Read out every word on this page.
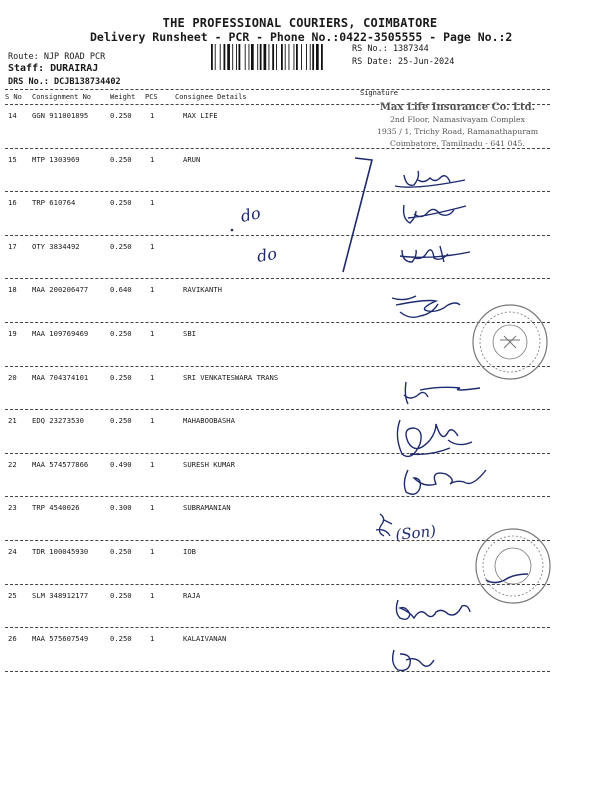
THE PROFESSIONAL COURIERS, COIMBATORE
Delivery Runsheet - PCR - Phone No.:0422-3505555 - Page No.:2
Route: NJP ROAD PCR
Staff: DURAIRAJ
DRS No.: DCJB138734402
RS No.: 1387344
RS Date: 25-Jun-2024
S No Consignment No	Weight PCS Consignee Details	Signature
14 GGN 911001895	0.250	1	MAX LIFE
15 MTP 1303969	0.250	1	ARUN
16 TRP 610764	0.250	1
17 OTY 3834492	0.250	1
18 MAA 200206477	0.640	1	RAVIKANTH
19 MAA 109769469	0.250	1	SBI
20 MAA 704374101	0.250	1	SRI VENKATESWARA TRANS
21 EDQ 23273530	0.250	1	MAHABOOBASHA
22 MAA 574577866	0.490	1	SURESH KUMAR
23 TRP 4540026	0.300	1	SUBRAMANIAN
24 TDR 100045930	0.250	1	IOB
25 SLM 348912177	0.250	1	RAJA
26 MAA 575607549	0.250	1	KALAIVANAN
Max Life Insurance Co. Ltd.
2nd Floor, Namasivayam Complex
1935 / 1, Trichy Road, Ramanathapuram
Coimbatore, Tamilnadu - 641 045.
do
do
(Son)
